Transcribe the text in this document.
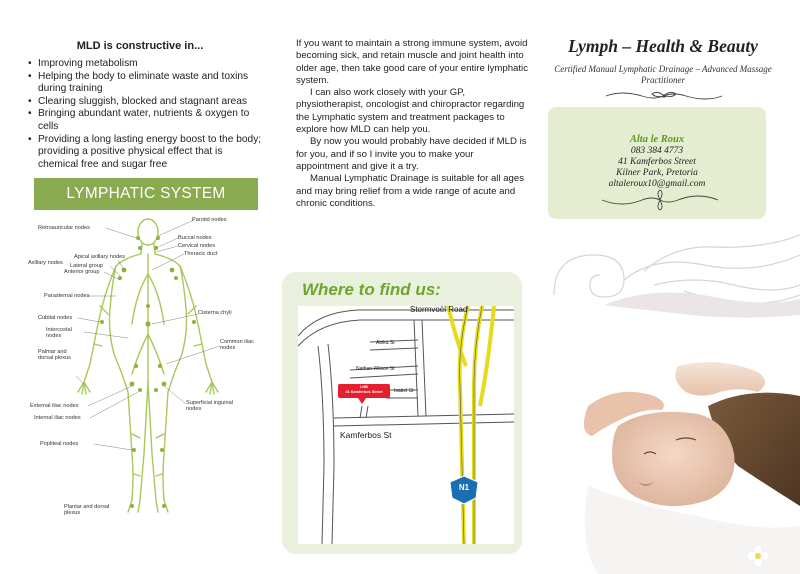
MLD is constructive in...
• Improving metabolism
• Helping the body to eliminate waste and toxins during training
• Clearing sluggish, blocked and stagnant areas
• Bringing abundant water, nutrients & oxygen to cells
• Providing a long lasting energy boost to the body; providing a positive physical effect that is chemical free and sugar free
LYMPHATIC SYSTEM
Parotid nodes
Retroauricular nodes
Buccal nodes
Cervical nodes
Apical axillary nodes
Axillary nodes Lateral group
Anterior group
Thoracic duct
Parasternal nodes
Cisterna chyli
Cubital nodes
Intercostal nodes
Common iliac nodes
Palmar and dorsal plexus
External iliac nodes	Superficial inguinal nodes
Internal iliac nodes
Popliteal nodes
Plantar and dorsal plexus

If you want to maintain a strong immune system, avoid becoming sick, and retain muscle and joint health into older age, then take good care of your entire lymphatic system.

I can also work closely with your GP, physiotherapist, oncologist and chiropractor regarding the Lymphatic system and treatment packages to explore how MLD can help you.

By now you would probably have decided if MLD is for you, and if so I invite you to make your appointment and give it a try.

Manual Lymphatic Drainage is suitable for all ages and may bring relief from a wide range of acute and chronic conditions.

Where to find us:
Stormvoël Road
Abika St
Nathan Wilson St
Isabel St
Kamferbos St
LHB
41 Kamferbos Street
N1
Lymph – Health & Beauty
Certified Manual Lymphatic Drainage – Advanced Massage Practitioner
Alta le Roux
083 384 4773
41 Kamferbos Street
Kilner Park, Pretoria
altaleroux10@gmail.com
